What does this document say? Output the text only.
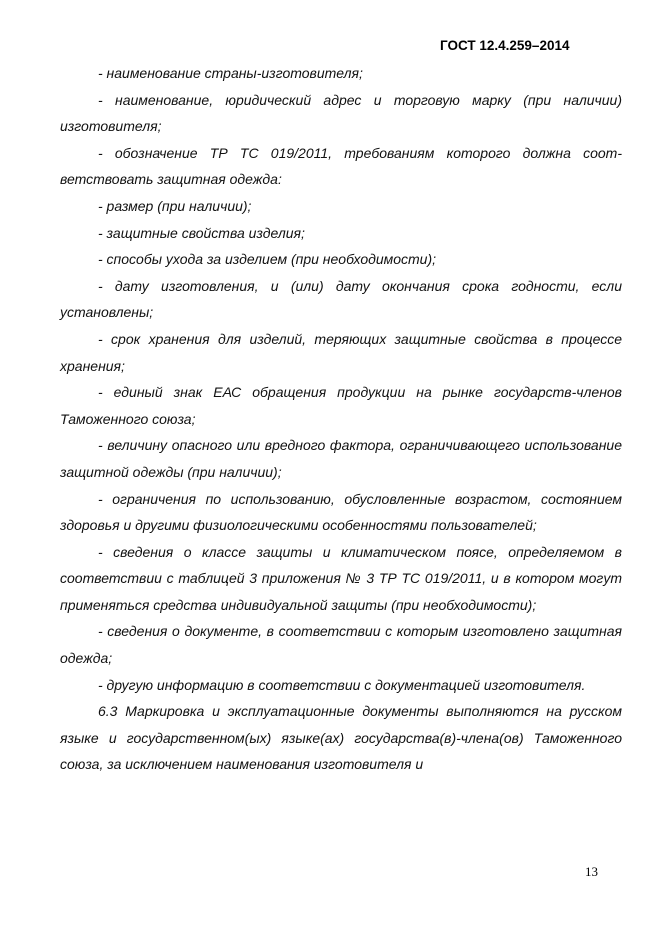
ГОСТ 12.4.259–2014

- наименование страны-изготовителя;

- наименование, юридический адрес и торговую марку (при наличии) изготовителя;

- обозначение ТР ТС 019/2011, требованиям которого должна соответствовать защитная одежда:

- размер (при наличии);

- защитные свойства изделия;

- способы ухода за изделием (при необходимости);

- дату изготовления, и (или) дату окончания срока годности, если установлены;

- срок хранения для изделий, теряющих защитные свойства в процессе хранения;

- единый знак ЕАС обращения продукции на рынке государств-членов Таможенного союза;

- величину опасного или вредного фактора, ограничивающего использование защитной одежды (при наличии);

- ограничения по использованию, обусловленные возрастом, состоянием здоровья и другими физиологическими особенностями пользователей;

- сведения о классе защиты и климатическом поясе, определяемом в соответствии с таблицей 3 приложения № 3 ТР ТС 019/2011, и в котором могут применяться средства индивидуальной защиты (при необходимости);

- сведения о документе, в соответствии с которым изготовлено защитная одежда;

- другую информацию в соответствии с документацией изготовителя.

6.3 Маркировка и эксплуатационные документы выполняются на русском языке и государственном(ых) языке(ах) государства(в)-члена(ов) Таможенного союза, за исключением наименования изготовителя и

13
